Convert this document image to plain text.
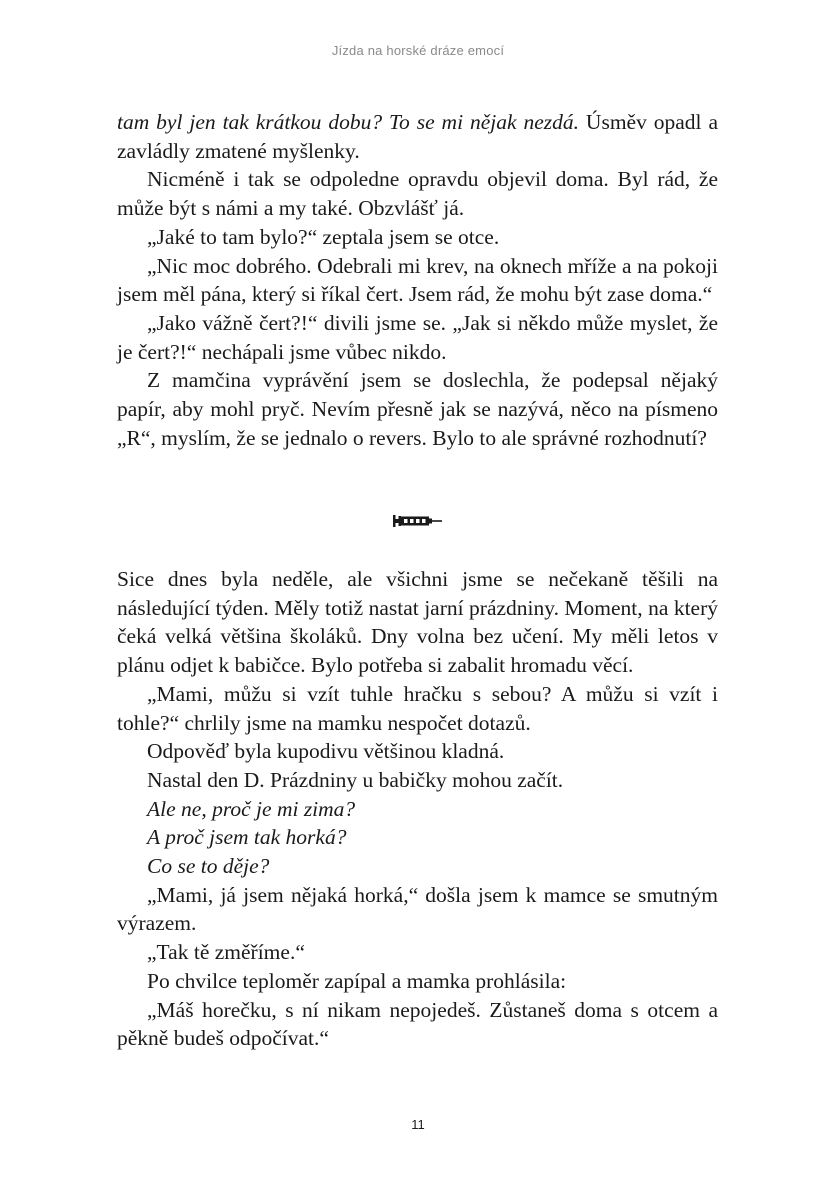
Jízda na horské dráze emocí

tam byl jen tak krátkou dobu? To se mi nějak nezdá. Úsměv opadl a zavládly zmatené myšlenky.

Nicméně i tak se odpoledne opravdu objevil doma. Byl rád, že může být s námi a my také. Obzvlášť já.

„Jaké to tam bylo?“ zeptala jsem se otce.

„Nic moc dobrého. Odebrali mi krev, na oknech mříže a na pokoji jsem měl pána, který si říkal čert. Jsem rád, že mohu být zase doma.“

„Jako vážně čert?!“ divili jsme se. „Jak si někdo může myslet, že je čert?!“ nechápali jsme vůbec nikdo.

Z mamčina vyprávění jsem se doslechla, že podepsal nějaký papír, aby mohl pryč. Nevím přesně jak se nazývá, něco na písmeno „R“, myslím, že se jednalo o revers. Bylo to ale správné rozhodnutí?

Sice dnes byla neděle, ale všichni jsme se nečekaně těšili na následující týden. Měly totiž nastat jarní prázdniny. Moment, na který čeká velká většina školáků. Dny volna bez učení. My měli letos v plánu odjet k babičce. Bylo potřeba si zabalit hromadu věcí.

„Mami, můžu si vzít tuhle hračku s sebou? A můžu si vzít i tohle?“ chrlily jsme na mamku nespočet dotazů.

Odpověď byla kupodivu většinou kladná.

Nastal den D. Prázdniny u babičky mohou začít.

Ale ne, proč je mi zima?

A proč jsem tak horká?

Co se to děje?

„Mami, já jsem nějaká horká,“ došla jsem k mamce se smutným výrazem.

„Tak tě změříme.“

Po chvilce teploměr zapípal a mamka prohlásila:

„Máš horečku, s ní nikam nepojedeš. Zůstaneš doma s otcem a pěkně budeš odpočívat.“

11
